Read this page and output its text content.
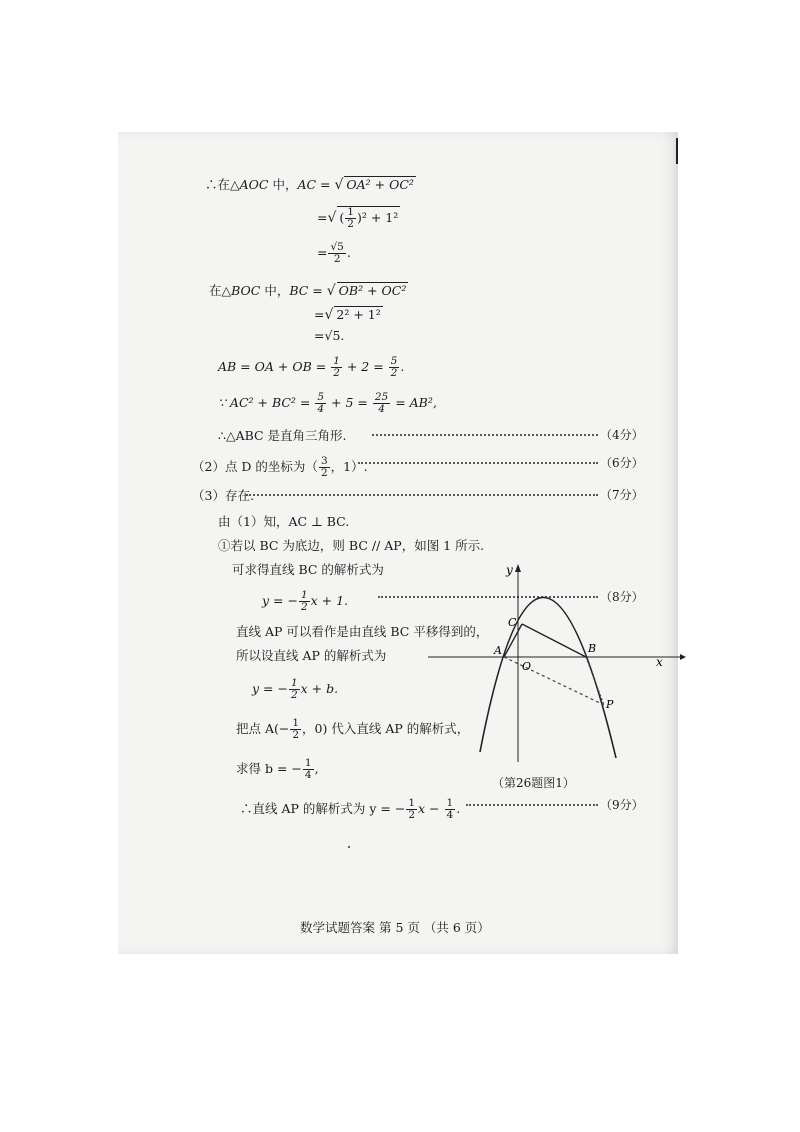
∴在△AOC 中，AC = √ OA² + OC²
=√ ( $\frac{1}{2} )^2 + 1^2$
= $\frac{√5}{2}$ .
在△BOC 中，BC = √ OB² + OC²
=√ 2² + 1²
=√5.
AB = OA + OB = $\frac{1}{2} + 2 = \frac{5}{2}$ .
∵ $AC^2 + BC^2 = \frac{5}{4} + 5 = \frac{25}{4} = AB^2$,
∴△ABC 是直角三角形.	（4分）
（2）点 D 的坐标为（ $\frac{3}{2}$ ，1）.	（6分）
（3）存在.	（7分）
由（1）知，AC ⊥ BC.
①若以 BC 为底边，则 BC // AP，如图 1 所示.
可求得直线 BC 的解析式为
y = − $\frac{1}{2}$ x + 1.	（8分）
直线 AP 可以看作是由直线 BC 平移得到的，
所以设直线 AP 的解析式为
y = − $\frac{1}{2}$ x + b.
把点 $A(- \frac{1}{2}$ ，0) 代入直线 AP 的解析式，
求得 b = − $\frac{1}{4}$ ,
∴直线 AP 的解析式为 y = − $\frac{1}{2}$ $x - \frac{1}{4}$ .	（9分）
x
y
A	B
C
O
P
（第26题图1）
数学试题答案 第 5 页 （共 6 页）
